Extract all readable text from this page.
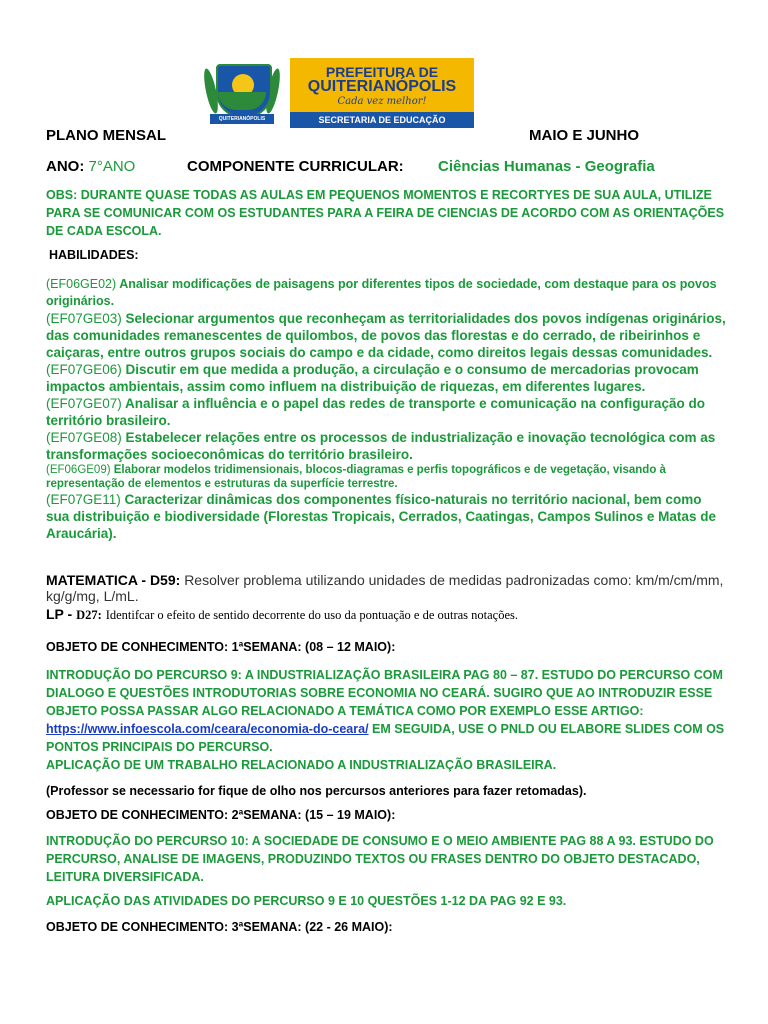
QUITERIANÓPOLIS
PREFEITURA DE
QUITERIANÓPOLIS
Cada vez melhor!
SECRETARIA DE EDUCAÇÃO
PLANO MENSAL	MAIO E JUNHO
ANO: 7°ANO	COMPONENTE CURRICULAR: Ciências Humanas - Geografia
OBS: DURANTE QUASE TODAS AS AULAS EM PEQUENOS MOMENTOS E RECORTYES DE SUA AULA, UTILIZE PARA SE COMUNICAR COM OS ESTUDANTES PARA A FEIRA DE CIENCIAS DE ACORDO COM AS ORIENTAÇÕES DE CADA ESCOLA.
HABILIDADES:
(EF06GE02) Analisar modificações de paisagens por diferentes tipos de sociedade, com destaque para os povos originários.
(EF07GE03) Selecionar argumentos que reconheçam as territorialidades dos povos indígenas originários, das comunidades remanescentes de quilombos, de povos das florestas e do cerrado, de ribeirinhos e caiçaras, entre outros grupos sociais do campo e da cidade, como direitos legais dessas comunidades. (EF07GE06) Discutir em que medida a produção, a circulação e o consumo de mercadorias provocam impactos ambientais, assim como influem na distribuição de riquezas, em diferentes lugares.
(EF07GE07) Analisar a influência e o papel das redes de transporte e comunicação na configuração do território brasileiro.
(EF07GE08) Estabelecer relações entre os processos de industrialização e inovação tecnológica com as transformações socioeconômicas do território brasileiro.
(EF06GE09) Elaborar modelos tridimensionais, blocos-diagramas e perfis topográficos e de vegetação, visando à representação de elementos e estruturas da superfície terrestre.
(EF07GE11) Caracterizar dinâmicas dos componentes físico-naturais no território nacional, bem como sua distribuição e biodiversidade (Florestas Tropicais, Cerrados, Caatingas, Campos Sulinos e Matas de Araucária).
MATEMATICA - D59: Resolver problema utilizando unidades de medidas padronizadas como: km/m/cm/mm, kg/g/mg, L/mL.
LP - D27: Identifcar o efeito de sentido decorrente do uso da pontuação e de outras notações.
OBJETO DE CONHECIMENTO: 1ªSEMANA: (08 – 12 MAIO):
INTRODUÇÃO DO PERCURSO 9: A INDUSTRIALIZAÇÃO BRASILEIRA PAG 80 – 87. ESTUDO DO PERCURSO COM DIALOGO E QUESTÕES INTRODUTORIAS SOBRE ECONOMIA NO CEARÁ. SUGIRO QUE AO INTRODUZIR ESSE OBJETO POSSA PASSAR ALGO RELACIONADO A TEMÁTICA COMO POR EXEMPLO ESSE ARTIGO: https://www.infoescola.com/ceara/economia-do-ceara/ EM SEGUIDA, USE O PNLD OU ELABORE SLIDES COM OS PONTOS PRINCIPAIS DO PERCURSO.
APLICAÇÃO DE UM TRABALHO RELACIONADO A INDUSTRIALIZAÇÃO BRASILEIRA.
(Professor se necessario for fique de olho nos percursos anteriores para fazer retomadas).
OBJETO DE CONHECIMENTO: 2ªSEMANA: (15 – 19 MAIO):
INTRODUÇÃO DO PERCURSO 10: A SOCIEDADE DE CONSUMO E O MEIO AMBIENTE PAG 88 A 93. ESTUDO DO PERCURSO, ANALISE DE IMAGENS, PRODUZINDO TEXTOS OU FRASES DENTRO DO OBJETO DESTACADO, LEITURA DIVERSIFICADA.
APLICAÇÃO DAS ATIVIDADES DO PERCURSO 9 E 10 QUESTÕES 1-12 DA PAG 92 E 93.
OBJETO DE CONHECIMENTO: 3ªSEMANA: (22 - 26 MAIO):
